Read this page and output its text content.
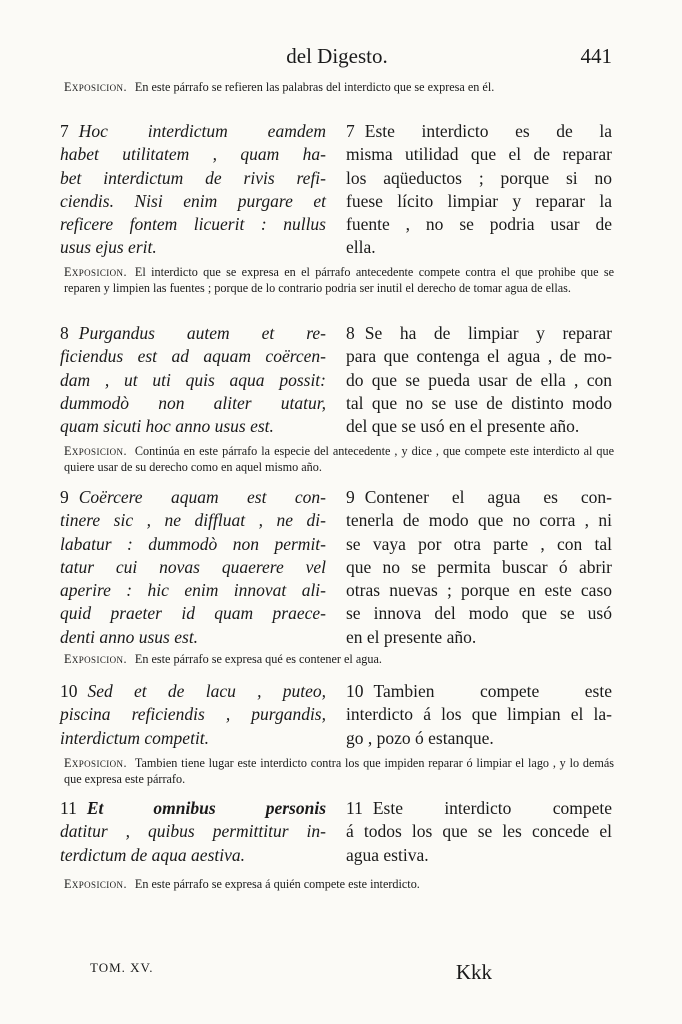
del Digesto.	441
Exposicion. En este párrafo se refieren las palabras del interdicto que se expresa en él.
7 Hoc interdictum eamdem
habet utilitatem , quam ha-
bet interdictum de rivis refi-
ciendis. Nisi enim purgare et
reficere fontem licuerit : nullus
usus ejus erit.
7 Este interdicto es de la
misma utilidad que el de reparar
los aqüeductos ; porque si no
fuese lícito limpiar y reparar la
fuente , no se podria usar de
ella.
Exposicion. El interdicto que se expresa en el párrafo antecedente compete contra el que prohibe que se reparen y limpien las fuentes ; porque de lo contrario podria ser inutil el derecho de tomar agua de ellas.
8 Purgandus autem et re-
ficiendus est ad aquam coërcen-
dam , ut uti quis aqua possit:
dummodò non aliter utatur,
quam sicuti hoc anno usus est.
8 Se ha de limpiar y reparar
para que contenga el agua , de mo-
do que se pueda usar de ella , con
tal que no se use de distinto modo
del que se usó en el presente año.
Exposicion. Continúa en este párrafo la especie del antecedente , y dice , que compete este interdicto al que quiere usar de su derecho como en aquel mismo año.
9 Coërcere aquam est con-
tinere sic , ne diffluat , ne di-
labatur : dummodò non permit-
tatur cui novas quaerere vel
aperire : hic enim innovat ali-
quid praeter id quam praece-
denti anno usus est.
9 Contener el agua es con-
tenerla de modo que no corra , ni
se vaya por otra parte , con tal
que no se permita buscar ó abrir
otras nuevas ; porque en este caso
se innova del modo que se usó
en el presente año.
Exposicion. En este párrafo se expresa qué es contener el agua.
10 Sed et de lacu , puteo,
piscina reficiendis , purgandis,
interdictum competit.
10 Tambien compete este
interdicto á los que limpian el la-
go , pozo ó estanque.
Exposicion. Tambien tiene lugar este interdicto contra los que impiden reparar ó limpiar el lago , y lo demás que expresa este párrafo.
11 Et omnibus personis
datitur , quibus permittitur in-
terdictum de aqua aestiva.
11 Este interdicto compete
á todos los que se les concede el
agua estiva.
Exposicion. En este párrafo se expresa á quién compete este interdicto.
TOM. XV.	Kkk
